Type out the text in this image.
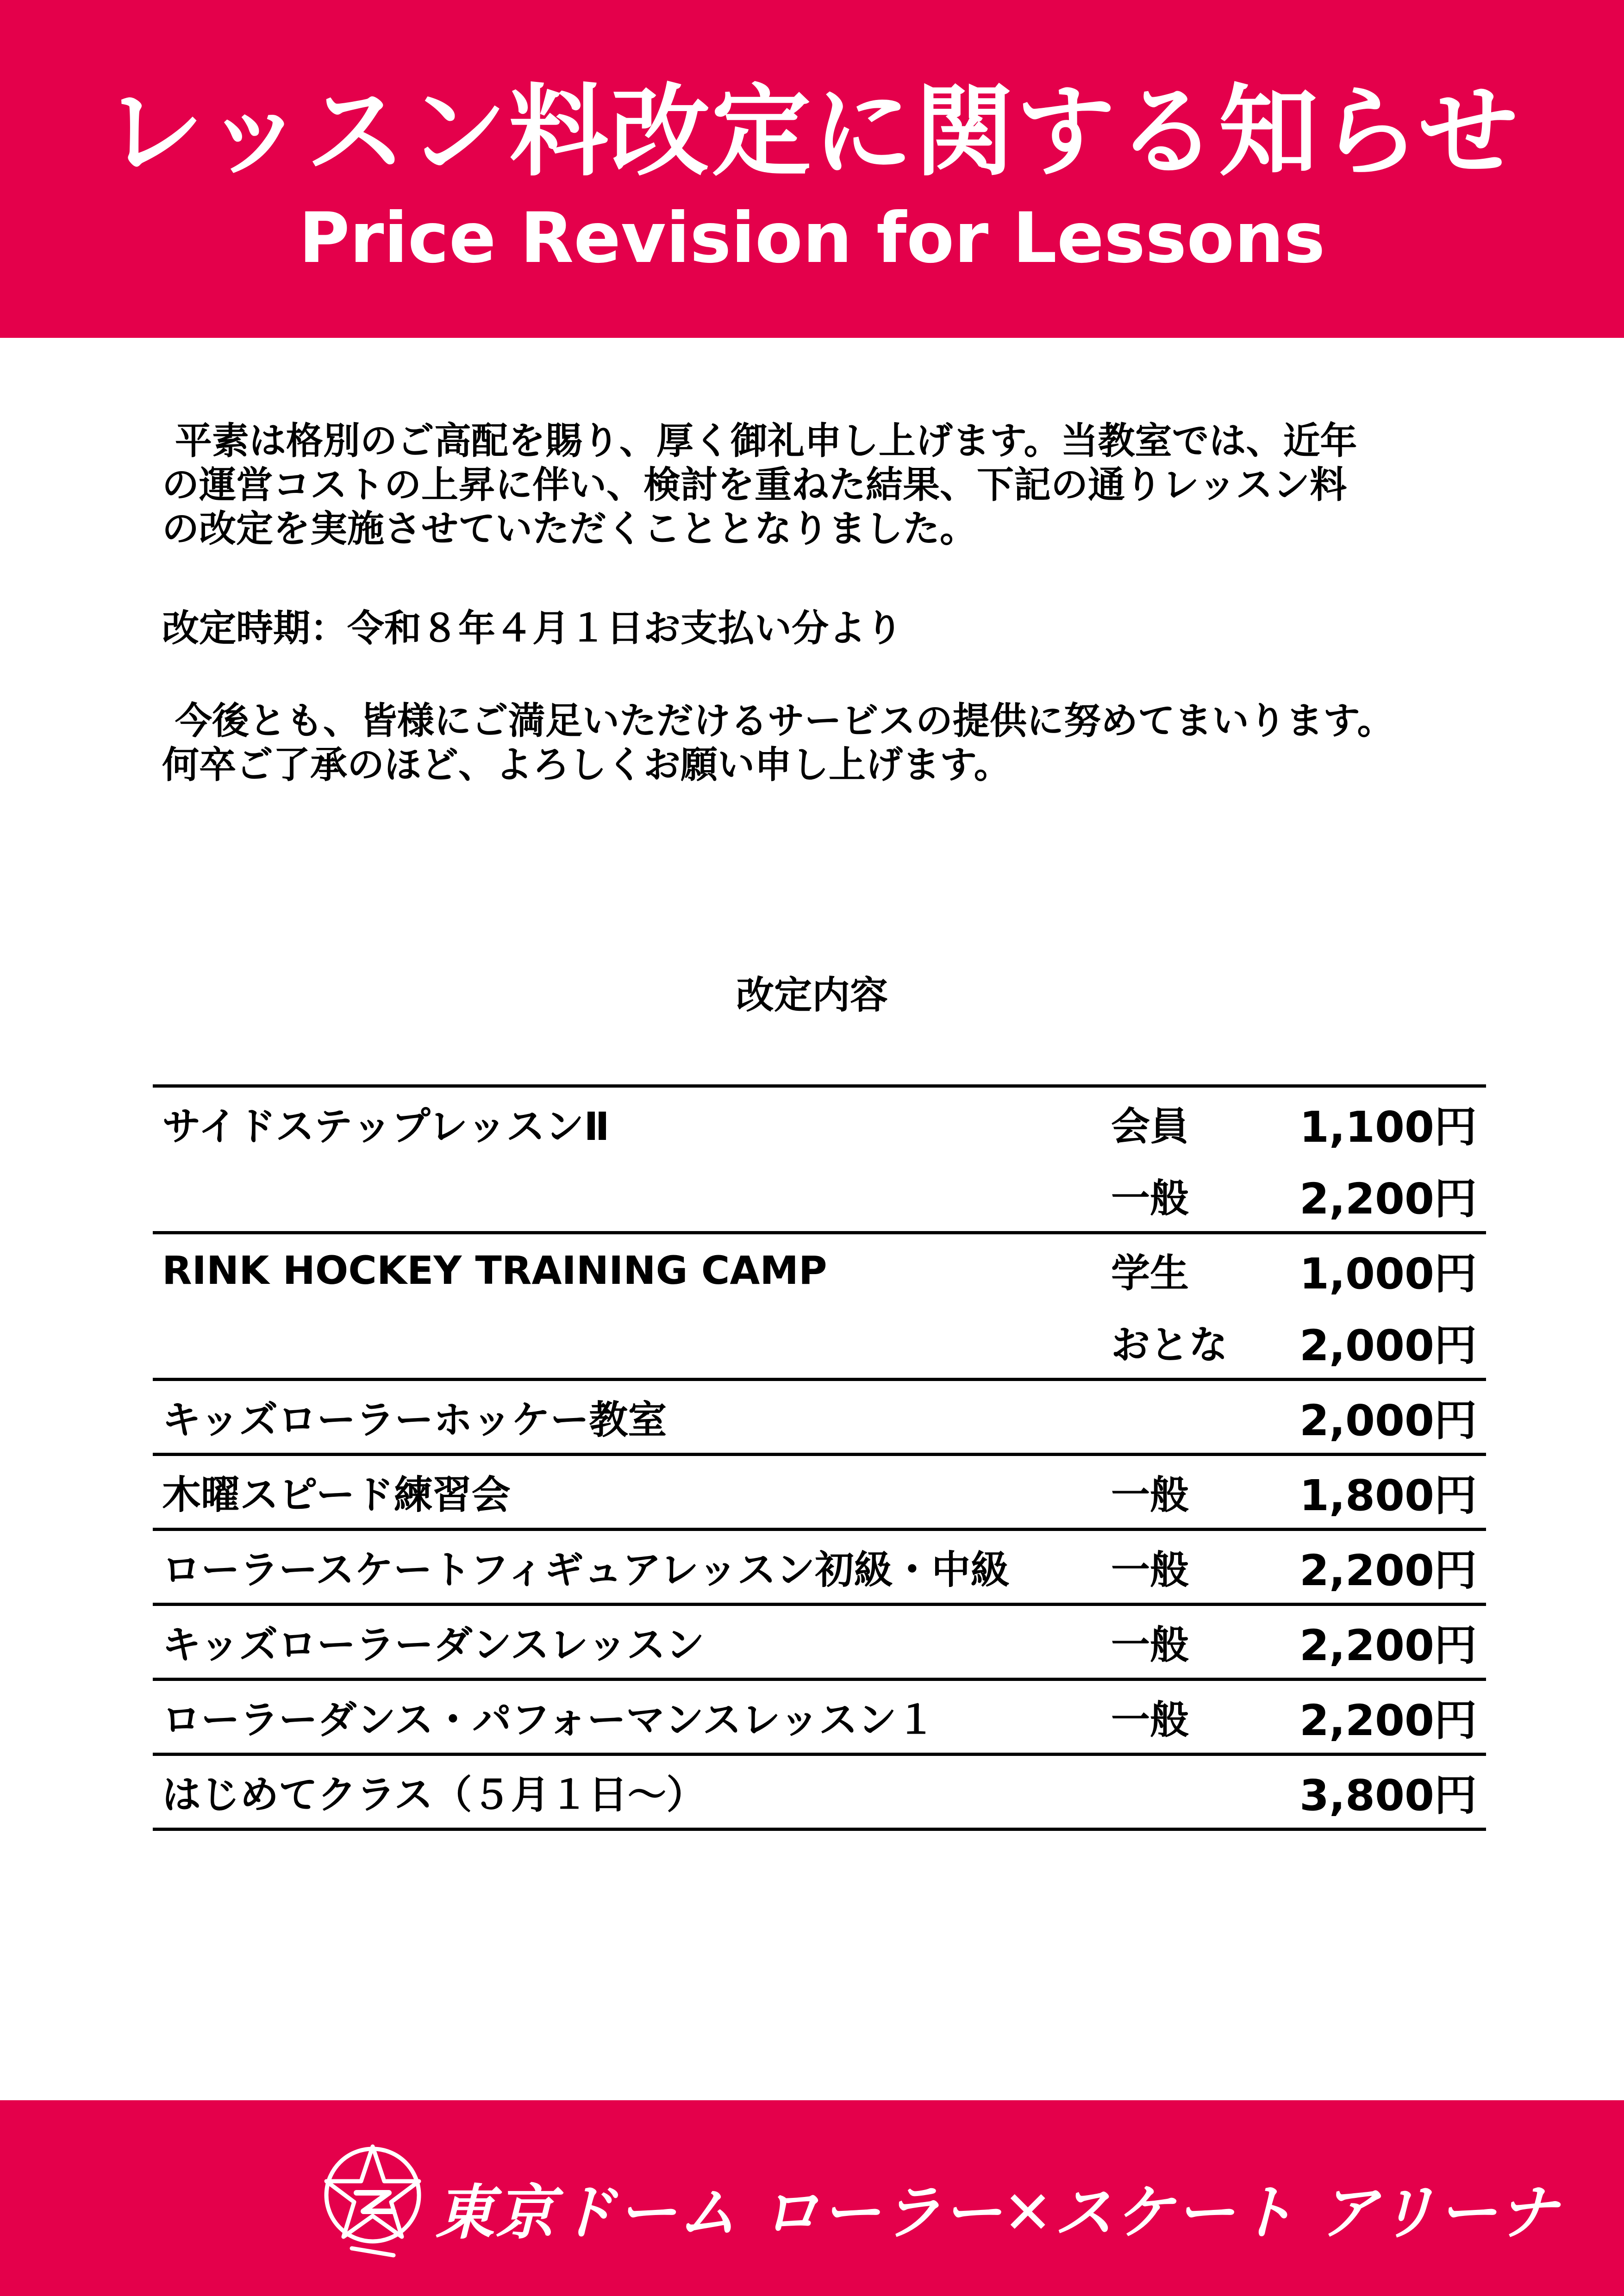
レッスン料改定に関する知らせ
Price Revision for Lessons
平素は格別のご高配を賜り、厚く御礼申し上げます。当教室では、近年
の運営コストの上昇に伴い、検討を重ねた結果、下記の通りレッスン料
の改定を実施させていただくこととなりました。
改定時期：令和８年４月１日お支払い分より
今後とも、皆様にご満足いただけるサービスの提供に努めてまいります。
何卒ご了承のほど、よろしくお願い申し上げます。
改定内容
サイドステップレッスンⅡ	会員	1,100円
	一般	2,200円
RINK HOCKEY TRAINING CAMP	学生	1,000円
	おとな	2,000円
キッズローラーホッケー教室		2,000円
木曜スピード練習会	一般	1,800円
ローラースケートフィギュアレッスン初級・中級	一般	2,200円
キッズローラーダンスレッスン	一般	2,200円
ローラーダンス・パフォーマンスレッスン１	一般	2,200円
はじめてクラス（５月１日〜）		3,800円
東京ドーム ローラー✕スケート アリーナ
